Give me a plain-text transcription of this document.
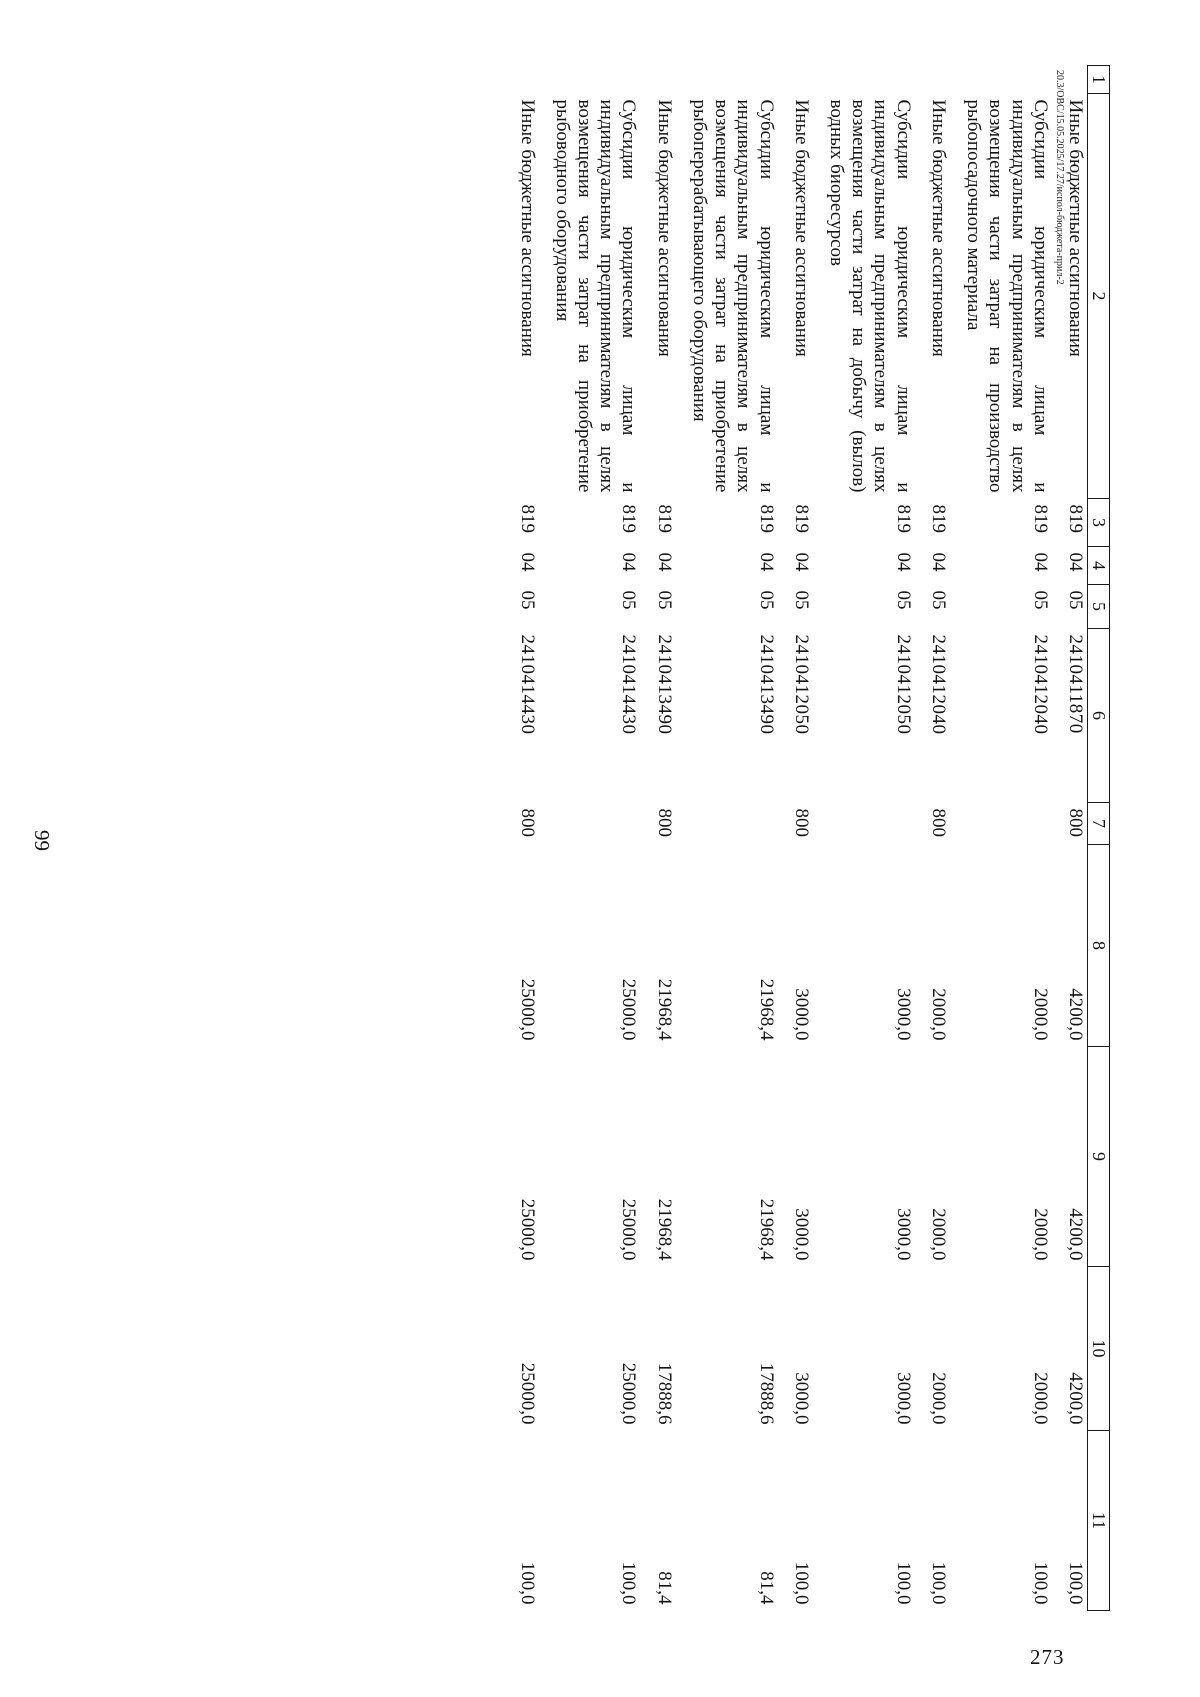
99
1	2	3	4	5	6	7	8	9	10	11
	Иные бюджетные ассигнования	819	04	05	2410411870	800	4200,0	4200,0	4200,0	100,0
	Субсидии юридическим лицам и индивидуальным предпринимателям в целях возмещения части затрат на производство рыбопосадочного материала	819	04	05	2410412040		2000,0	2000,0	2000,0	100,0
	Иные бюджетные ассигнования	819	04	05	2410412040	800	2000,0	2000,0	2000,0	100,0
	Субсидии юридическим лицам и индивидуальным предпринимателям в целях возмещения части затрат на добычу (вылов) водных биоресурсов	819	04	05	2410412050		3000,0	3000,0	3000,0	100,0
	Иные бюджетные ассигнования	819	04	05	2410412050	800	3000,0	3000,0	3000,0	100,0
	Субсидии юридическим лицам и индивидуальным предпринимателям в целях возмещения части затрат на приобретение рыбоперерабатывающего оборудования	819	04	05	2410413490		21968,4	21968,4	17888,6	81,4
	Иные бюджетные ассигнования	819	04	05	2410413490	800	21968,4	21968,4	17888,6	81,4
	Субсидии юридическим лицам и индивидуальным предпринимателям в целях возмещения части затрат на приобретение рыбоводного оборудования	819	04	05	2410414430		25000,0	25000,0	25000,0	100,0
	Иные бюджетные ассигнования	819	04	05	2410414430	800	25000,0	25000,0	25000,0	100,0
20.3/ОВС/15.05.2025/17.27/испол-бюджета-прил-2
273
